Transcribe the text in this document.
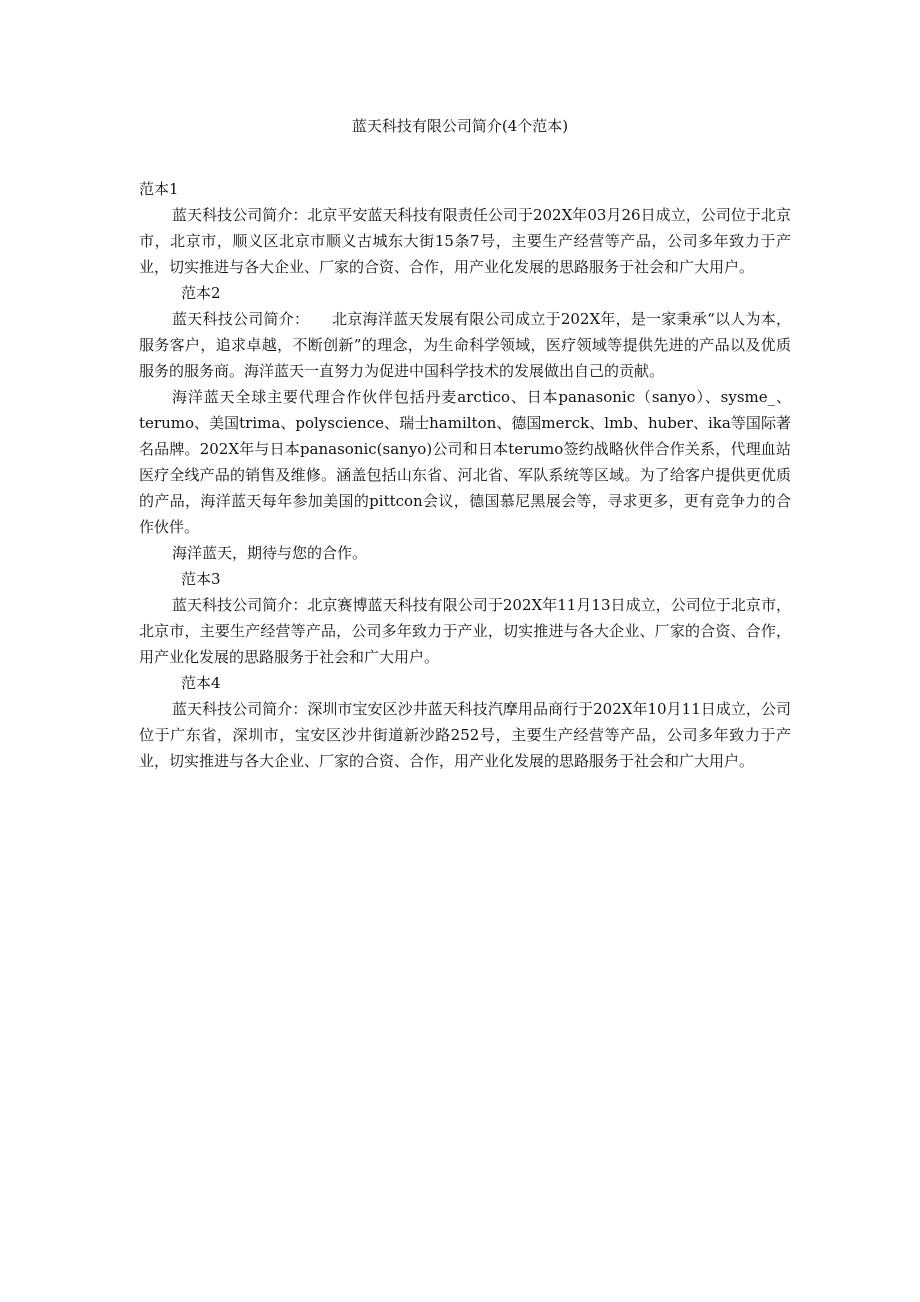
蓝天科技有限公司简介(4个范本)

范本1

蓝天科技公司简介：北京平安蓝天科技有限责任公司于202X年03月26日成立，公司位于北京市，北京市，顺义区北京市顺义古城东大街15条7号，主要生产经营等产品，公司多年致力于产业，切实推进与各大企业、厂家的合资、合作，用产业化发展的思路服务于社会和广大用户。

范本2

蓝天科技公司简介：　　北京海洋蓝天发展有限公司成立于202X年，是一家秉承“以人为本，服务客户，追求卓越，不断创新”的理念，为生命科学领域，医疗领域等提供先进的产品以及优质服务的服务商。海洋蓝天一直努力为促进中国科学技术的发展做出自己的贡献。

海洋蓝天全球主要代理合作伙伴包括丹麦arctico、日本panasonic（sanyo）、sysme_、terumo、美国trima、polyscience、瑞士hamilton、德国merck、lmb、huber、ika等国际著名品牌。202X年与日本panasonic(sanyo)公司和日本terumo签约战略伙伴合作关系，代理血站医疗全线产品的销售及维修。涵盖包括山东省、河北省、军队系统等区域。为了给客户提供更优质的产品，海洋蓝天每年参加美国的pittcon会议，德国慕尼黑展会等，寻求更多，更有竞争力的合作伙伴。

海洋蓝天，期待与您的合作。

范本3

蓝天科技公司简介：北京赛博蓝天科技有限公司于202X年11月13日成立，公司位于北京市，北京市，主要生产经营等产品，公司多年致力于产业，切实推进与各大企业、厂家的合资、合作，用产业化发展的思路服务于社会和广大用户。

范本4

蓝天科技公司简介：深圳市宝安区沙井蓝天科技汽摩用品商行于202X年10月11日成立，公司位于广东省，深圳市，宝安区沙井街道新沙路252号，主要生产经营等产品，公司多年致力于产业，切实推进与各大企业、厂家的合资、合作，用产业化发展的思路服务于社会和广大用户。
